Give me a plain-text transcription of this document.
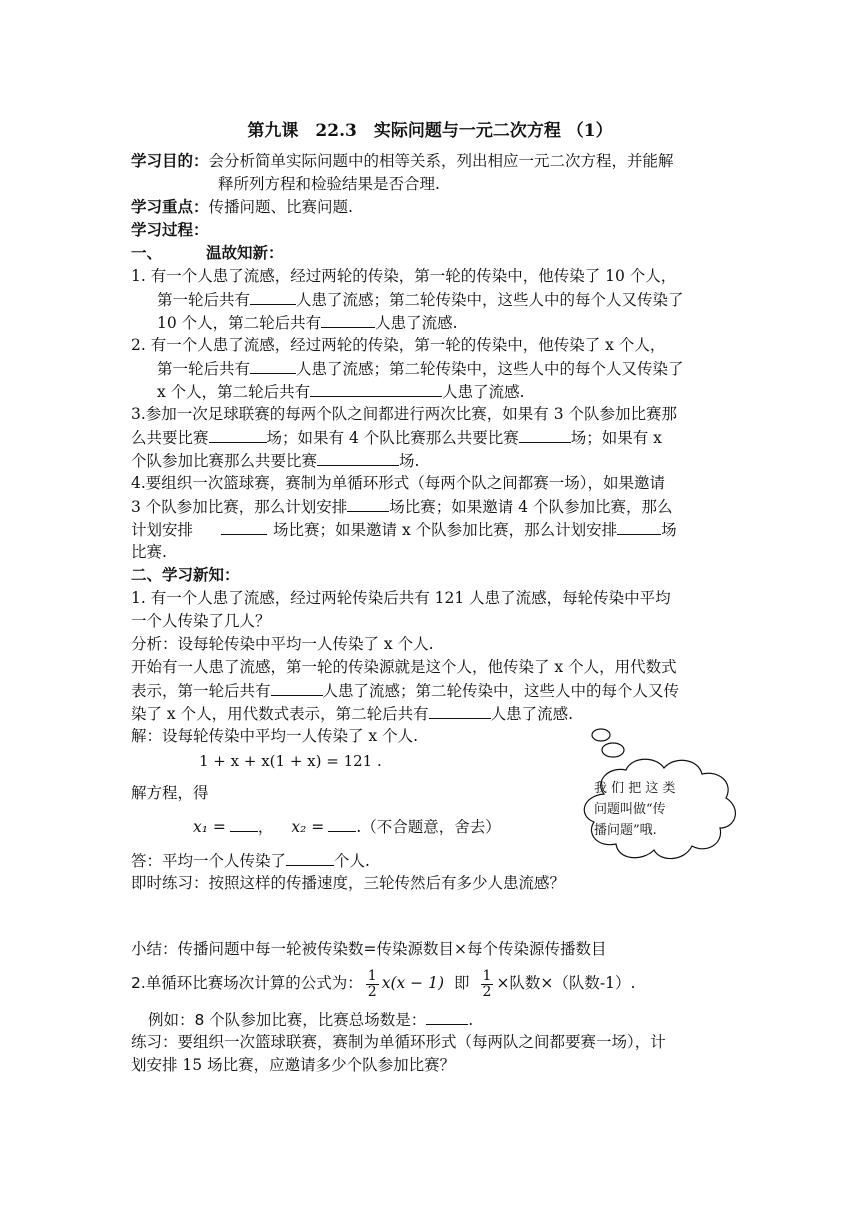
第九课　22.3　实际问题与一元二次方程 （1）
学习目的：会分析简单实际问题中的相等关系，列出相应一元二次方程，并能解
释所列方程和检验结果是否合理.
学习重点：传播问题、比赛问题.
学习过程：
一、	温故知新：
1. 有一个人患了流感，经过两轮的传染，第一轮的传染中，他传染了 10 个人，
第一轮后共有	人患了流感；第二轮传染中，这些人中的每个人又传染了
10 个人，第二轮后共有	人患了流感.
2. 有一个人患了流感，经过两轮的传染，第一轮的传染中，他传染了 x 个人，
第一轮后共有	人患了流感；第二轮传染中，这些人中的每个人又传染了
x 个人，第二轮后共有	人患了流感.
3.参加一次足球联赛的每两个队之间都进行两次比赛，如果有 3 个队参加比赛那
么共要比赛	场；如果有 4 个队比赛那么共要比赛	场；如果有 x
个队参加比赛那么共要比赛	场.
4.要组织一次篮球赛，赛制为单循环形式（每两个队之间都赛一场），如果邀请
3 个队参加比赛，那么计划安排	场比赛；如果邀请 4 个队参加比赛，那么
计划安排	场比赛；如果邀请 x 个队参加比赛，那么计划安排	场
比赛.
二、学习新知：
1. 有一个人患了流感，经过两轮传染后共有 121 人患了流感，每轮传染中平均
一个人传染了几人？
分析：设每轮传染中平均一人传染了 x 个人.
开始有一人患了流感，第一轮的传染源就是这个人，他传染了 x 个人，用代数式
表示，第一轮后共有	人患了流感；第二轮传染中，这些人中的每个人又传
染了 x 个人，用代数式表示，第二轮后共有	人患了流感.
解：设每轮传染中平均一人传染了 x 个人.
1 + x + x(1 + x) = 121 .
解方程，得
x₁ = ， x₂ = .（不合题意，舍去）
答：平均一个人传染了	个人.
即时练习：按照这样的传播速度，三轮传然后有多少人患流感？
我 们 把 这 类
问题叫做“传
播问题”哦.
小结：传播问题中每一轮被传染数=传染源数目×每个传染源传播数目
2.单循环比赛场次计算的公式为： $\frac{1}{2} x(x - 1)$ 即 $\frac{1}{2}$ ×队数×（队数-1）.
例如：8 个队参加比赛，比赛总场数是：	.
练习：要组织一次篮球联赛，赛制为单循环形式（每两队之间都要赛一场），计
划安排 15 场比赛，应邀请多少个队参加比赛？
